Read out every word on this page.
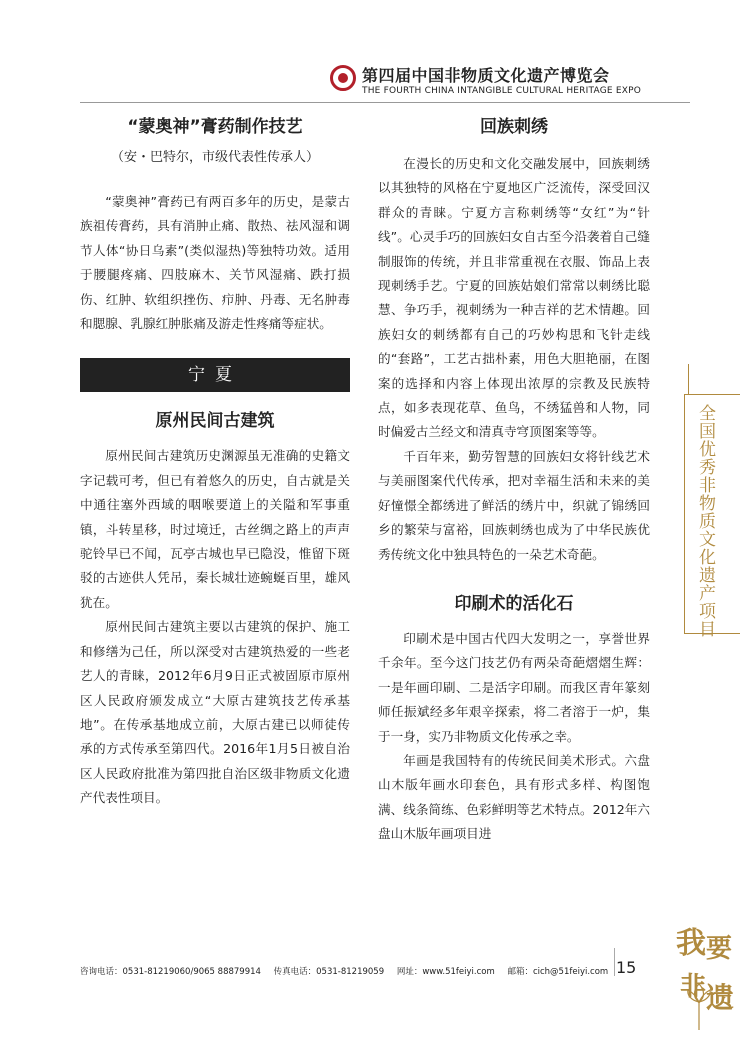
第四届中国非物质文化遗产博览会
THE FOURTH CHINA INTANGIBLE CULTURAL HERITAGE EXPO
“蒙奥神”膏药制作技艺

（安・巴特尔，市级代表性传承人）

“蒙奥神”膏药已有两百多年的历史，是蒙古族祖传膏药，具有消肿止痛、散热、祛风湿和调节人体“协日乌素”(类似湿热)等独特功效。适用于腰腿疼痛、四肢麻木、关节风湿痛、跌打损伤、红肿、软组织挫伤、疖肿、丹毒、无名肿毒和腮腺、乳腺红肿胀痛及游走性疼痛等症状。

宁夏
原州民间古建筑

原州民间古建筑历史渊源虽无准确的史籍文字记载可考，但已有着悠久的历史，自古就是关中通往塞外西域的咽喉要道上的关隘和军事重镇，斗转星移，时过境迁，古丝绸之路上的声声驼铃早已不闻，瓦亭古城也早已隐没，惟留下斑驳的古迹供人凭吊，秦长城壮迹蜿蜒百里，雄风犹在。

原州民间古建筑主要以古建筑的保护、施工和修缮为己任，所以深受对古建筑热爱的一些老艺人的青睐，2012年6月9日正式被固原市原州区人民政府颁发成立“大原古建筑技艺传承基地”。在传承基地成立前，大原古建已以师徒传承的方式传承至第四代。2016年1月5日被自治区人民政府批准为第四批自治区级非物质文化遗产代表性项目。

回族刺绣

在漫长的历史和文化交融发展中，回族刺绣以其独特的风格在宁夏地区广泛流传，深受回汉群众的青睐。宁夏方言称刺绣等“女红”为“针线”。心灵手巧的回族妇女自古至今沿袭着自己缝制服饰的传统，并且非常重视在衣服、饰品上表现刺绣手艺。宁夏的回族姑娘们常常以刺绣比聪慧、争巧手，视刺绣为一种吉祥的艺术情趣。回族妇女的刺绣都有自己的巧妙构思和飞针走线的“套路”，工艺古拙朴素，用色大胆艳丽，在图案的选择和内容上体现出浓厚的宗教及民族特点，如多表现花草、鱼鸟，不绣猛兽和人物，同时偏爱古兰经文和清真寺穹顶图案等等。

千百年来，勤劳智慧的回族妇女将针线艺术与美丽图案代代传承，把对幸福生活和未来的美好憧憬全都绣进了鲜活的绣片中，织就了锦绣回乡的繁荣与富裕，回族刺绣也成为了中华民族优秀传统文化中独具特色的一朵艺术奇葩。

印刷术的活化石

印刷术是中国古代四大发明之一，享誉世界千余年。至今这门技艺仍有两朵奇葩熠熠生辉：一是年画印刷、二是活字印刷。而我区青年篆刻师任振斌经多年艰辛探索，将二者溶于一炉，集于一身，实乃非物质文化传承之幸。

年画是我国特有的传统民间美术形式。六盘山木版年画水印套色，具有形式多样、构图饱满、线条简练、色彩鲜明等艺术特点。2012年六盘山木版年画项目进

全国优秀非物质文化遗产项目
咨询电话：0531-81219060/9065 88879914 传真电话：0531-81219059 网址：www.51feiyi.com 邮箱：cich@51feiyi.com 15
我 要
非 遗
